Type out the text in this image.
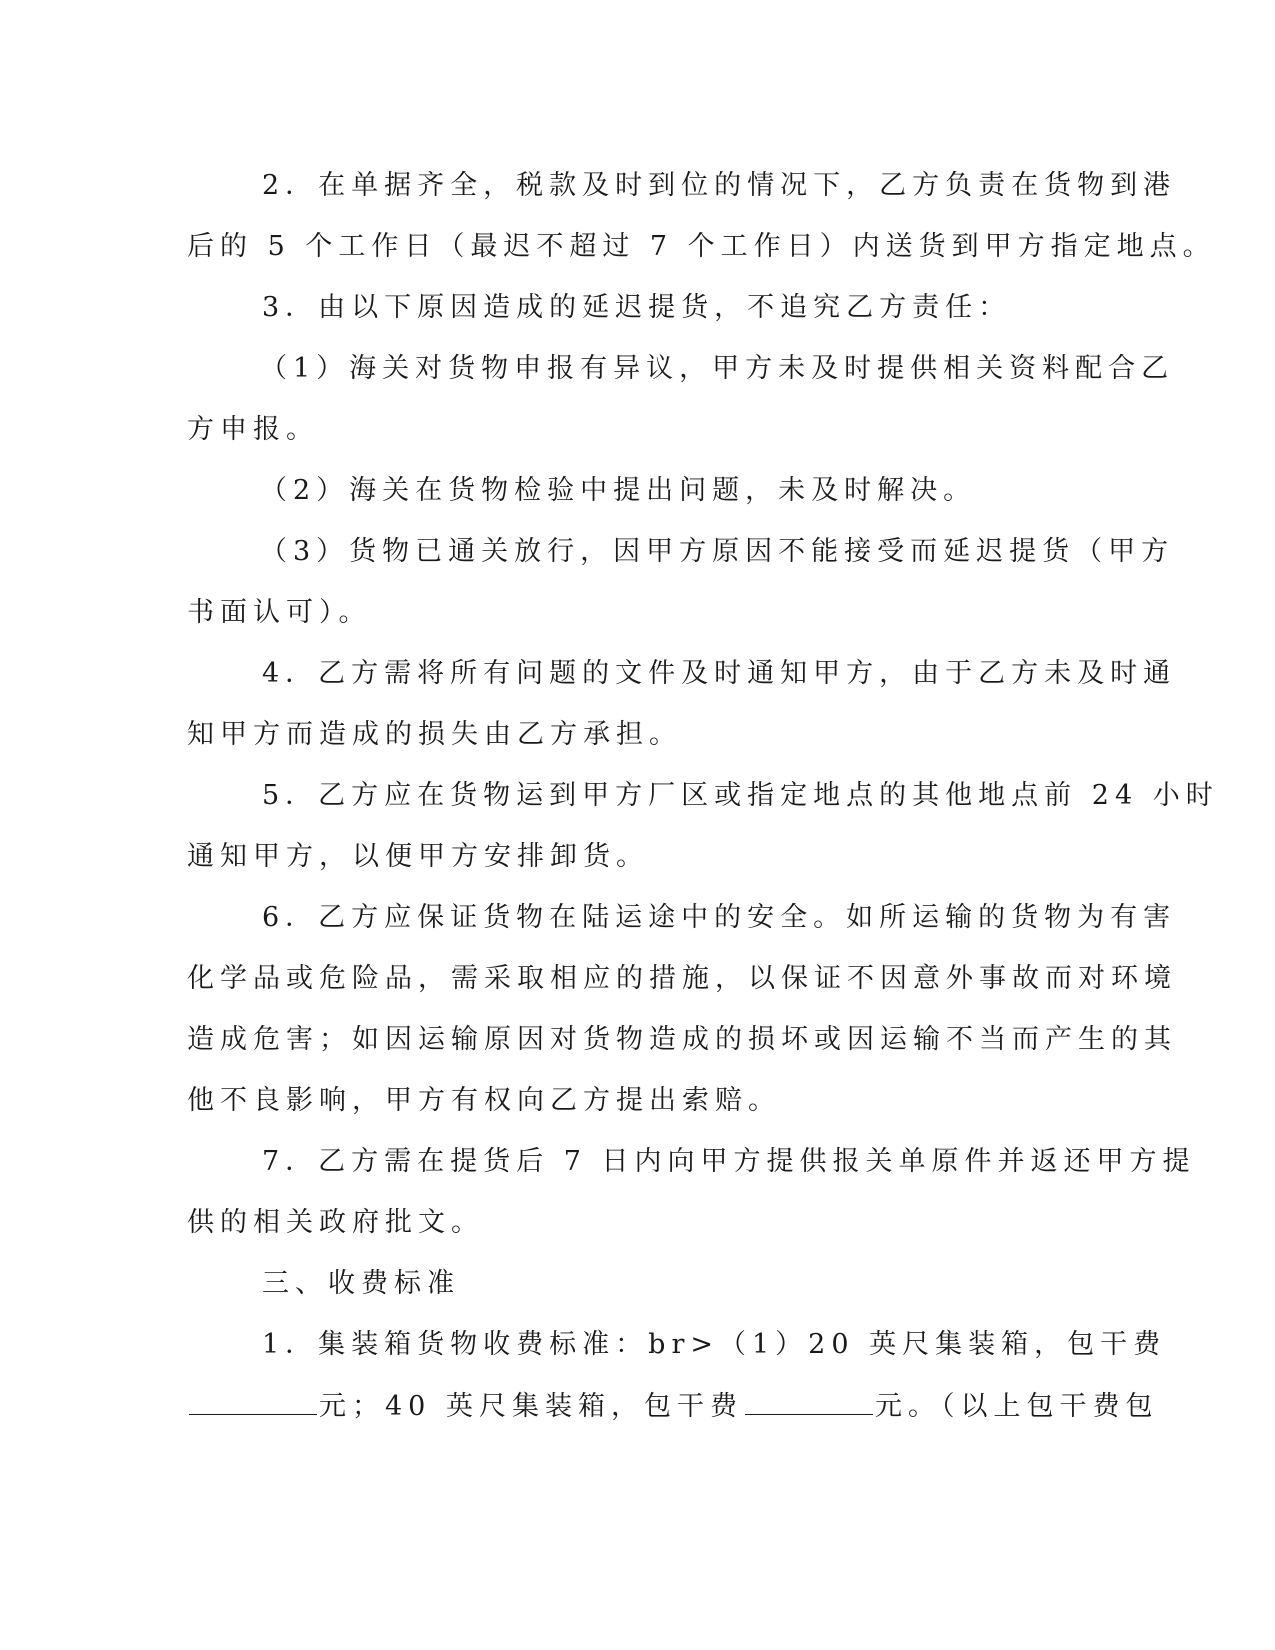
2．在单据齐全，税款及时到位的情况下，乙方负责在货物到港
后的 5 个工作日（最迟不超过 7 个工作日）内送货到甲方指定地点。
3．由以下原因造成的延迟提货，不追究乙方责任：
（1）海关对货物申报有异议，甲方未及时提供相关资料配合乙
方申报。
（2）海关在货物检验中提出问题，未及时解决。
（3）货物已通关放行，因甲方原因不能接受而延迟提货（甲方
书面认可）。
4．乙方需将所有问题的文件及时通知甲方，由于乙方未及时通
知甲方而造成的损失由乙方承担。
5．乙方应在货物运到甲方厂区或指定地点的其他地点前 24 小时
通知甲方，以便甲方安排卸货。
6．乙方应保证货物在陆运途中的安全。如所运输的货物为有害
化学品或危险品，需采取相应的措施，以保证不因意外事故而对环境
造成危害；如因运输原因对货物造成的损坏或因运输不当而产生的其
他不良影响，甲方有权向乙方提出索赔。
7．乙方需在提货后 7 日内向甲方提供报关单原件并返还甲方提
供的相关政府批文。
三、收费标准
1．集装箱货物收费标准：br>（1）20 英尺集装箱，包干费
元；40 英尺集装箱，包干费	元。（以上包干费包
